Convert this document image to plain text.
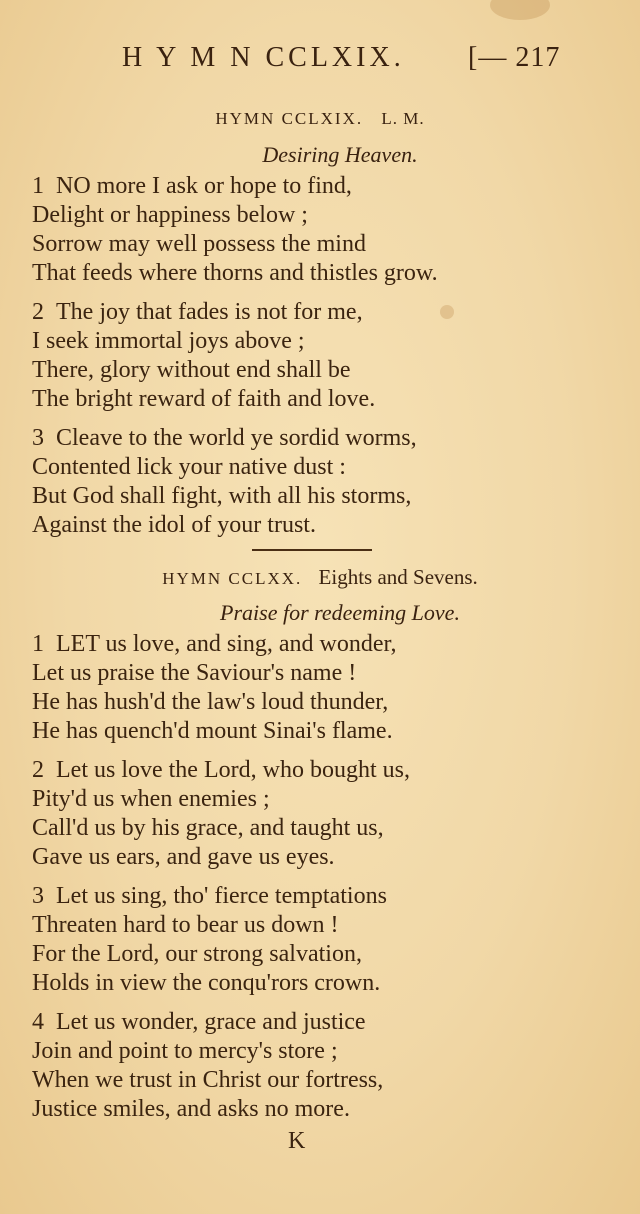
H Y M N CCLXIX. [— 217
HYMN CCLXIX. L. M.
Desiring Heaven.
1 NO more I ask or hope to find,
Delight or happiness below ;
Sorrow may well possess the mind
That feeds where thorns and thistles grow.
2 The joy that fades is not for me,
I seek immortal joys above ;
There, glory without end shall be
The bright reward of faith and love.
3 Cleave to the world ye sordid worms,
Contented lick your native dust :
But God shall fight, with all his storms,
Against the idol of your trust.
HYMN CCLXX. Eights and Sevens.
Praise for redeeming Love.
1 LET us love, and sing, and wonder,
Let us praise the Saviour's name !
He has hush'd the law's loud thunder,
He has quench'd mount Sinai's flame.
2 Let us love the Lord, who bought us,
Pity'd us when enemies ;
Call'd us by his grace, and taught us,
Gave us ears, and gave us eyes.
3 Let us sing, tho' fierce temptations
Threaten hard to bear us down !
For the Lord, our strong salvation,
Holds in view the conqu'rors crown.
4 Let us wonder, grace and justice
Join and point to mercy's store ;
When we trust in Christ our fortress,
Justice smiles, and asks no more.
K
